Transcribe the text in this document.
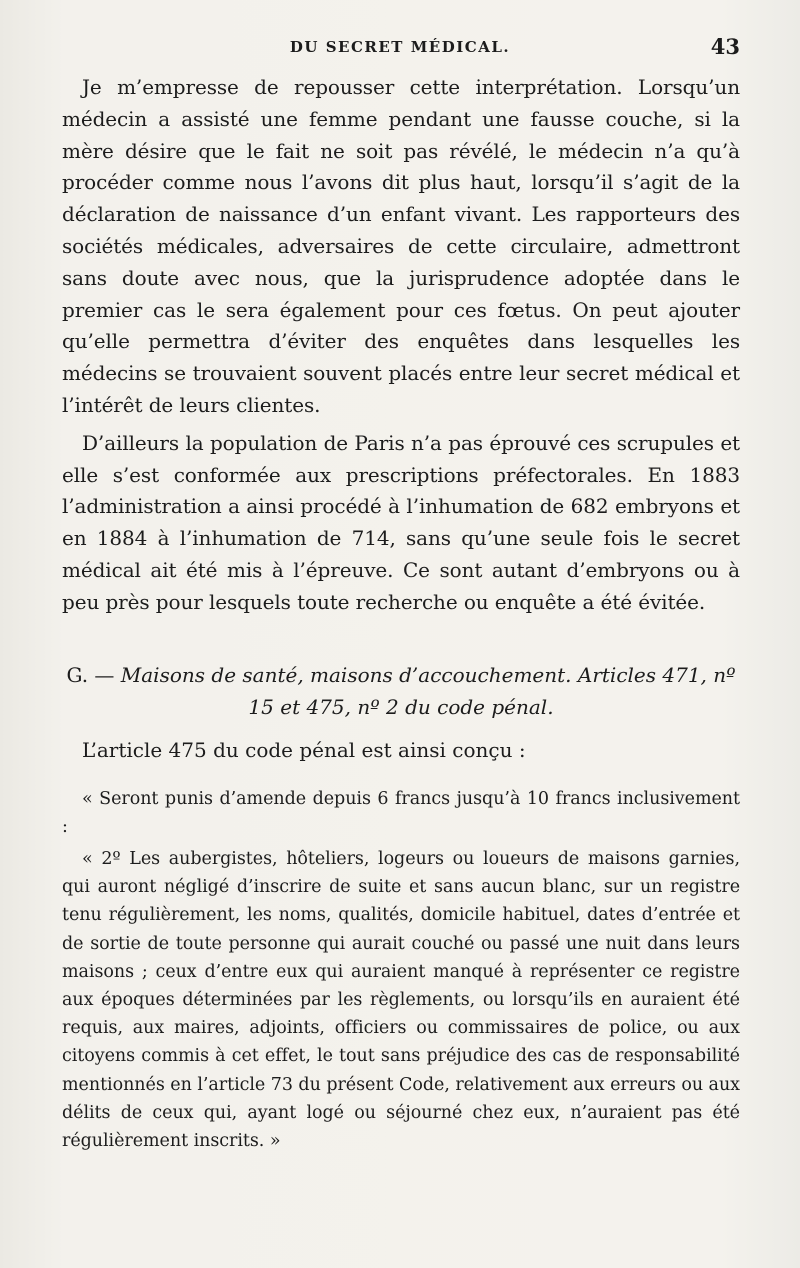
DU SECRET MÉDICAL.	43

Je m’empresse de repousser cette interprétation. Lorsqu’un médecin a assisté une femme pendant une fausse couche, si la mère désire que le fait ne soit pas révélé, le médecin n’a qu’à procéder comme nous l’avons dit plus haut, lorsqu’il s’agit de la déclaration de naissance d’un enfant vivant. Les rapporteurs des sociétés médicales, adversaires de cette circulaire, admettront sans doute avec nous, que la jurisprudence adoptée dans le premier cas le sera également pour ces fœtus. On peut ajouter qu’elle permettra d’éviter des enquêtes dans lesquelles les médecins se trouvaient souvent placés entre leur secret médical et l’intérêt de leurs clientes.

D’ailleurs la population de Paris n’a pas éprouvé ces scrupules et elle s’est conformée aux prescriptions préfectorales. En 1883 l’administration a ainsi procédé à l’inhumation de 682 embryons et en 1884 à l’inhumation de 714, sans qu’une seule fois le secret médical ait été mis à l’épreuve. Ce sont autant d’embryons ou à peu près pour lesquels toute recherche ou enquête a été évitée.

G. — Maisons de santé, maisons d’accouchement. Articles 471, nº 15 et 475, nº 2 du code pénal.

L’article 475 du code pénal est ainsi conçu :

« Seront punis d’amende depuis 6 francs jusqu’à 10 francs inclusivement :

« 2º Les aubergistes, hôteliers, logeurs ou loueurs de maisons garnies, qui auront négligé d’inscrire de suite et sans aucun blanc, sur un registre tenu régulièrement, les noms, qualités, domicile habituel, dates d’entrée et de sortie de toute personne qui aurait couché ou passé une nuit dans leurs maisons ; ceux d’entre eux qui auraient manqué à représenter ce registre aux époques déterminées par les règlements, ou lorsqu’ils en auraient été requis, aux maires, adjoints, officiers ou commissaires de police, ou aux citoyens commis à cet effet, le tout sans préjudice des cas de responsabilité mentionnés en l’article 73 du présent Code, relativement aux erreurs ou aux délits de ceux qui, ayant logé ou séjourné chez eux, n’auraient pas été régulièrement inscrits. »
